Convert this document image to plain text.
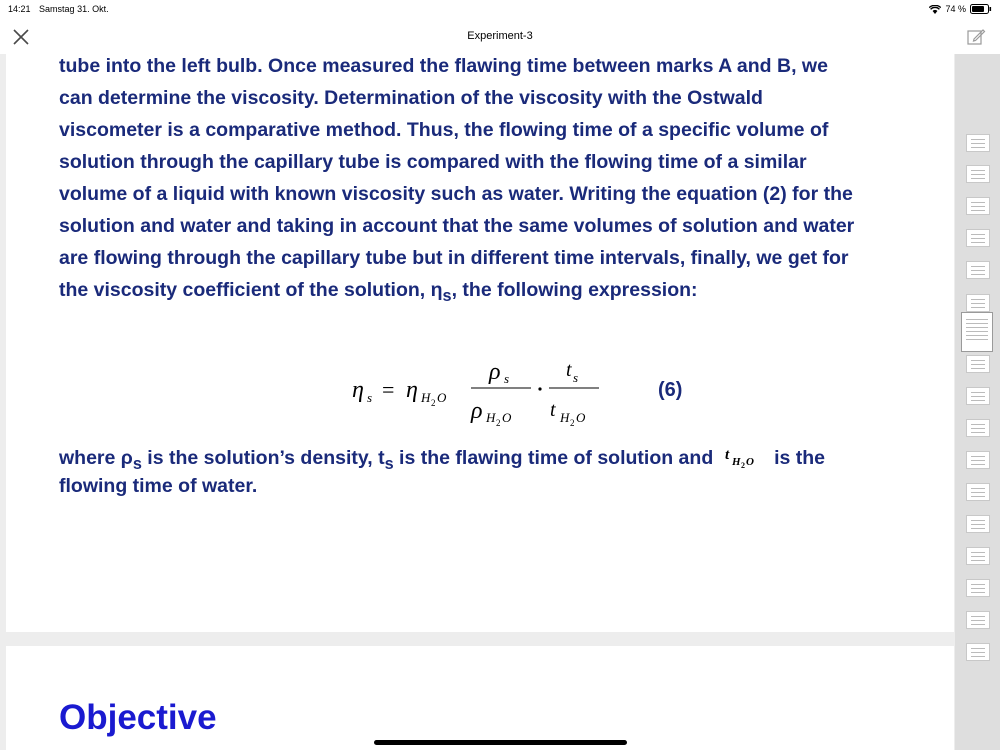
14:21 Samstag 31. Okt.	74 %
Experiment-3
tube into the left bulb. Once measured the flawing time between marks A and B, we
can determine the viscosity. Determination of the viscosity with the Ostwald
viscometer is a comparative method. Thus, the flowing time of a specific volume of
solution through the capillary tube is compared with the flowing time of a similar
volume of a liquid with known viscosity such as water. Writing the equation (2) for the
solution and water and taking in account that the same volumes of solution and water
are flowing through the capillary tube but in different time intervals, finally, we get for
the viscosity coefficient of the solution, $\eta_s$, the following expression:
η s = η H 2 O
ρ s
ρ H 2 O
t s
t H 2 O
(6)
where $\rho_s$ is the solution’s density, $t_s$ is the flawing time of solution and t H 2 O is the
flowing time of water.
Objective
